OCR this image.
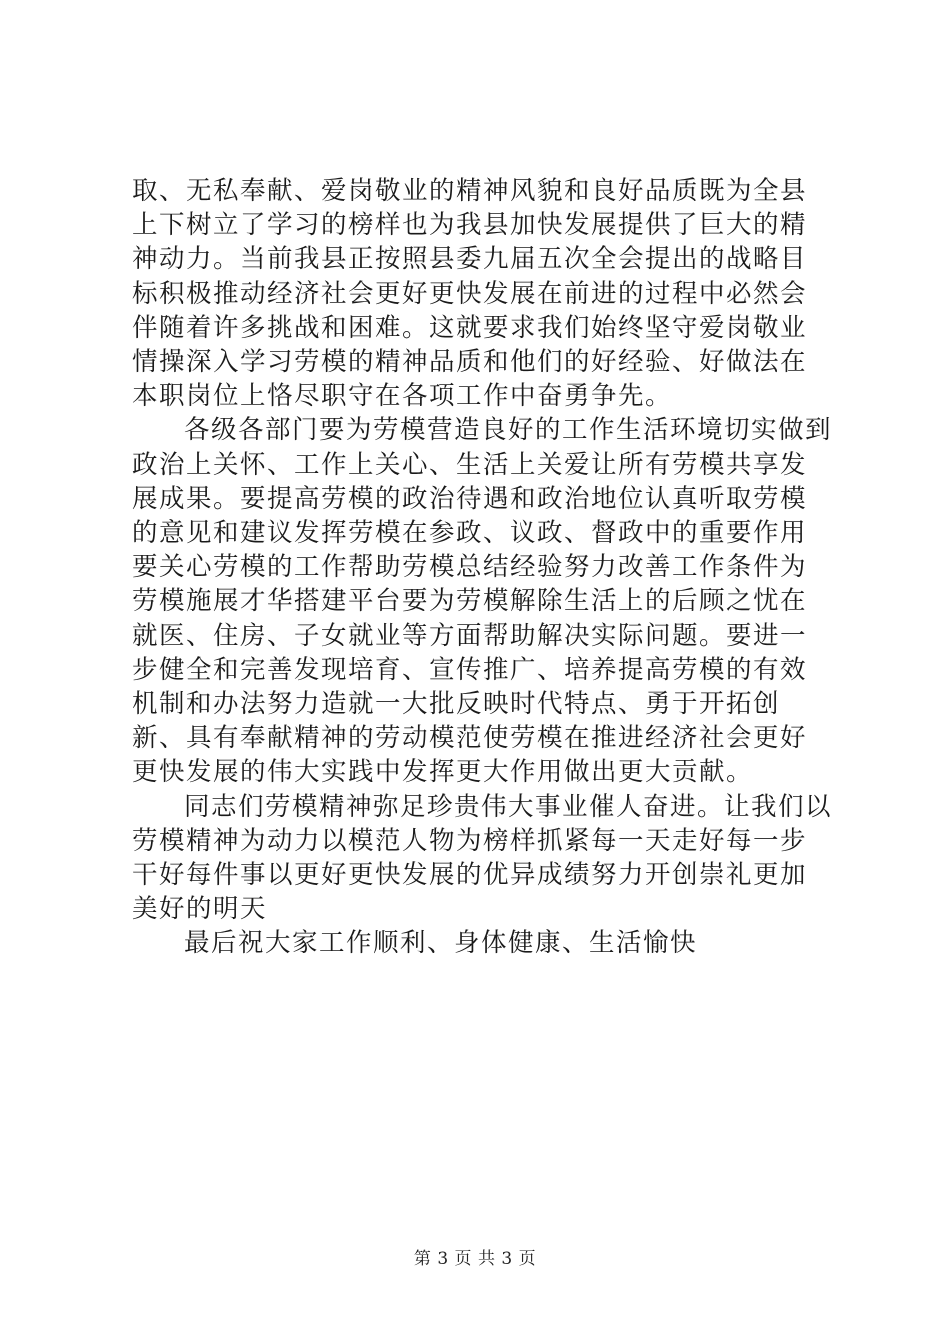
取、无私奉献、爱岗敬业的精神风貌和良好品质既为全县上下树立了学习的榜样也为我县加快发展提供了巨大的精神动力。当前我县正按照县委九届五次全会提出的战略目标积极推动经济社会更好更快发展在前进的过程中必然会伴随着许多挑战和困难。这就要求我们始终坚守爱岗敬业情操深入学习劳模的精神品质和他们的好经验、好做法在本职岗位上恪尽职守在各项工作中奋勇争先。

各级各部门要为劳模营造良好的工作生活环境切实做到政治上关怀、工作上关心、生活上关爱让所有劳模共享发展成果。要提高劳模的政治待遇和政治地位认真听取劳模的意见和建议发挥劳模在参政、议政、督政中的重要作用要关心劳模的工作帮助劳模总结经验努力改善工作条件为劳模施展才华搭建平台要为劳模解除生活上的后顾之忧在就医、住房、子女就业等方面帮助解决实际问题。要进一步健全和完善发现培育、宣传推广、培养提高劳模的有效机制和办法努力造就一大批反映时代特点、勇于开拓创新、具有奉献精神的劳动模范使劳模在推进经济社会更好更快发展的伟大实践中发挥更大作用做出更大贡献。

同志们劳模精神弥足珍贵伟大事业催人奋进。让我们以劳模精神为动力以模范人物为榜样抓紧每一天走好每一步干好每件事以更好更快发展的优异成绩努力开创崇礼更加美好的明天

最后祝大家工作顺利、身体健康、生活愉快

第 3 页 共 3 页
